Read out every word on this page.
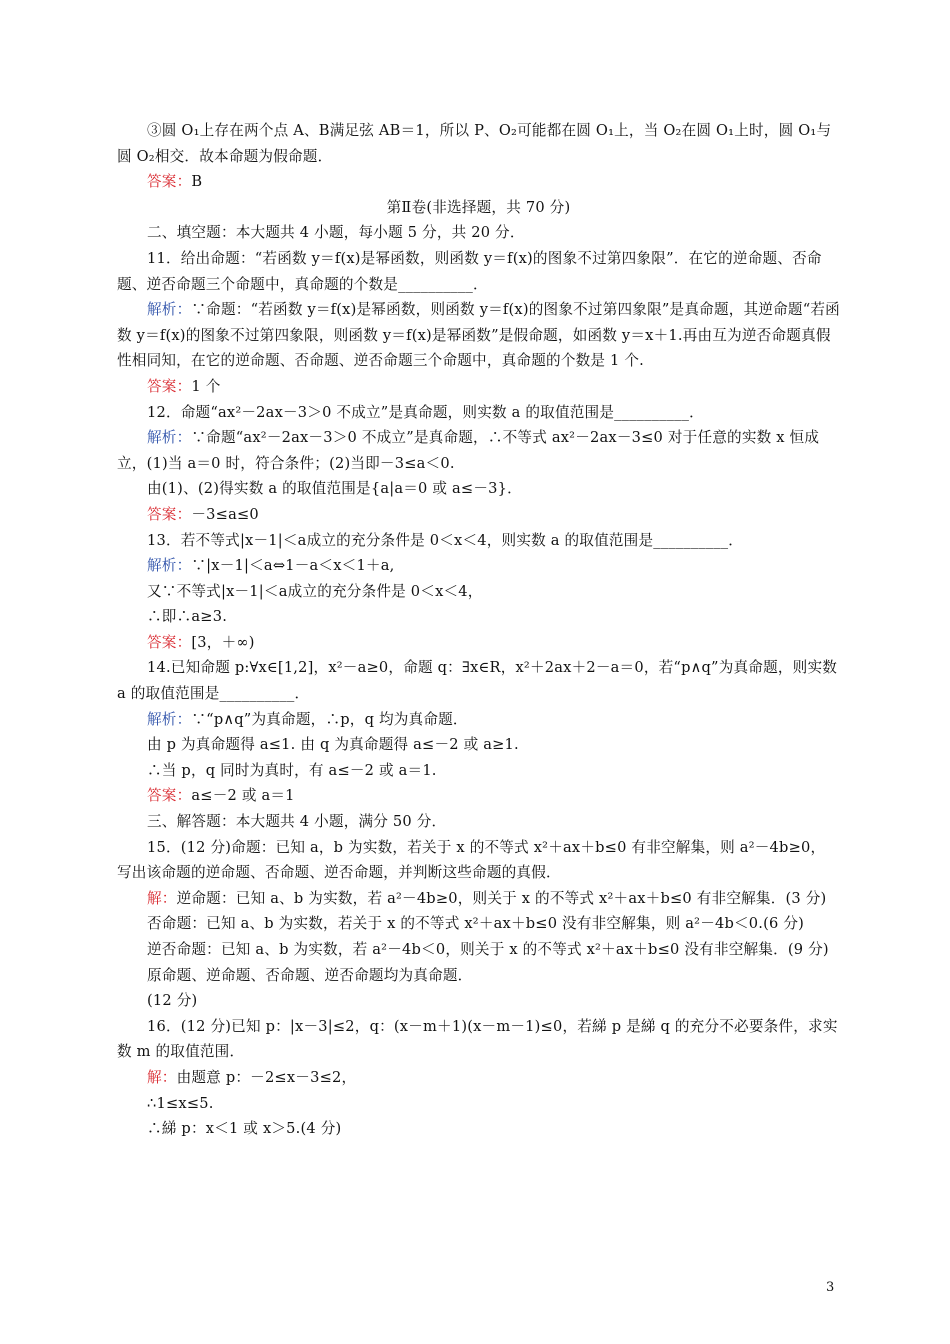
③圆 O₁上存在两个点 A、B满足弦 AB＝1，所以 P、O₂可能都在圆 O₁上，当 O₂在圆 O₁上时，圆 O₁与圆 O₂相交．故本命题为假命题．

答案：B

第Ⅱ卷(非选择题，共 70 分)

二、填空题：本大题共 4 小题，每小题 5 分，共 20 分．

11．给出命题：“若函数 y＝f(x)是幂函数，则函数 y＝f(x)的图象不过第四象限”．在它的逆命题、否命题、逆否命题三个命题中，真命题的个数是__________．

解析：∵命题：“若函数 y＝f(x)是幂函数，则函数 y＝f(x)的图象不过第四象限”是真命题，其逆命题“若函数 y＝f(x)的图象不过第四象限，则函数 y＝f(x)是幂函数”是假命题，如函数 y＝x＋1.再由互为逆否命题真假性相同知，在它的逆命题、否命题、逆否命题三个命题中，真命题的个数是 1 个.

答案：1 个

12．命题“ax²－2ax－3＞0 不成立”是真命题，则实数 a 的取值范围是__________．

解析：∵命题“ax²－2ax－3＞0 不成立”是真命题，∴不等式 ax²－2ax－3≤0 对于任意的实数 x 恒成立，(1)当 a＝0 时，符合条件；(2)当即－3≤a＜0.

由(1)、(2)得实数 a 的取值范围是{a|a＝0 或 a≤－3}．

答案：－3≤a≤0

13．若不等式|x－1|＜a成立的充分条件是 0＜x＜4，则实数 a 的取值范围是__________．

解析：∵|x－1|＜a⇔1－a＜x＜1＋a,

又∵不等式|x－1|＜a成立的充分条件是 0＜x＜4，

∴即∴a≥3.

答案：[3，＋∞)

14.已知命题 p:∀x∈[1,2]，x²－a≥0，命题 q：∃x∈R，x²＋2ax＋2－a＝0，若“p∧q”为真命题，则实数 a 的取值范围是__________．

解析：∵“p∧q”为真命题，∴p，q 均为真命题．

由 p 为真命题得 a≤1. 由 q 为真命题得 a≤－2 或 a≥1.

∴当 p，q 同时为真时，有 a≤－2 或 a＝1.

答案：a≤－2 或 a＝1

三、解答题：本大题共 4 小题，满分 50 分．

15．(12 分)命题：已知 a，b 为实数，若关于 x 的不等式 x²＋ax＋b≤0 有非空解集，则 a²－4b≥0，写出该命题的逆命题、否命题、逆否命题，并判断这些命题的真假．

解：逆命题：已知 a、b 为实数，若 a²－4b≥0，则关于 x 的不等式 x²＋ax＋b≤0 有非空解集．(3 分)

否命题：已知 a、b 为实数，若关于 x 的不等式 x²＋ax＋b≤0 没有非空解集，则 a²－4b＜0.(6 分)

逆否命题：已知 a、b 为实数，若 a²－4b＜0，则关于 x 的不等式 x²＋ax＋b≤0 没有非空解集．(9 分)

原命题、逆命题、否命题、逆否命题均为真命题．

(12 分)

16．(12 分)已知 p：|x－3|≤2，q：(x－m＋1)(x－m－1)≤0，若綈 p 是綈 q 的充分不必要条件，求实数 m 的取值范围．

解：由题意 p：－2≤x－3≤2，

∴1≤x≤5.

∴綈 p：x＜1 或 x＞5.(4 分)

3
